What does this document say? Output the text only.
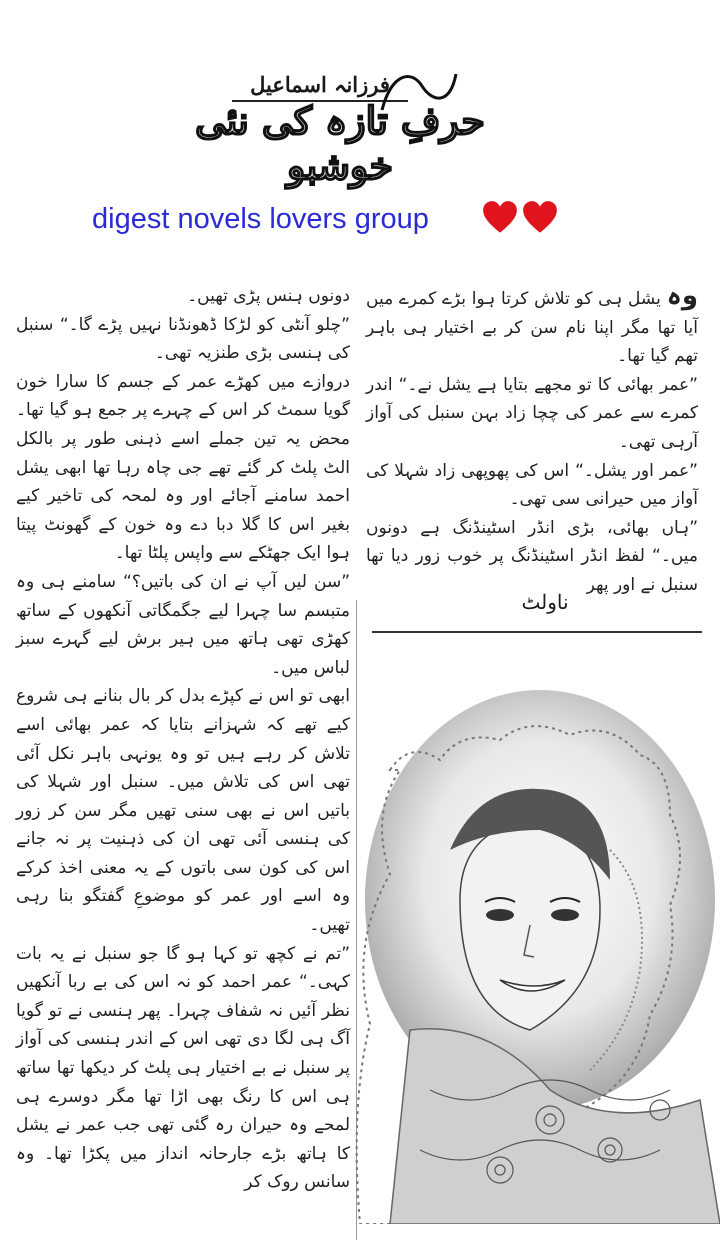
فرزانہ اسماعیل
حرفِ تازہ کی نئی خوشبو
digest novels lovers group

وہ یشل ہی کو تلاش کرتا ہوا بڑے کمرے میں آیا تھا مگر اپنا نام سن کر بے اختیار ہی باہر تھم گیا تھا۔

”عمر بھائی کا تو مجھے بتایا ہے یشل نے۔“ اندر کمرے سے عمر کی چچا زاد بہن سنبل کی آواز آرہی تھی۔

”عمر اور یشل۔“ اس کی پھوپھی زاد شہلا کی آواز میں حیرانی سی تھی۔

”ہاں بھائی، بڑی انڈر اسٹینڈنگ ہے دونوں میں۔“ لفظ انڈر اسٹینڈنگ پر خوب زور دیا تھا سنبل نے اور پھر

ناولٹ

دونوں ہنس پڑی تھیں۔

”چلو آنٹی کو لڑکا ڈھونڈنا نہیں پڑے گا۔“ سنبل کی ہنسی بڑی طنزیہ تھی۔

دروازے میں کھڑے عمر کے جسم کا سارا خون گویا سمٹ کر اس کے چہرے پر جمع ہو گیا تھا۔ محض یہ تین جملے اسے ذہنی طور پر بالکل الٹ پلٹ کر گئے تھے جی چاہ رہا تھا ابھی یشل احمد سامنے آجائے اور وہ لمحہ کی تاخیر کیے بغیر اس کا گلا دبا دے وہ خون کے گھونٹ پیتا ہوا ایک جھٹکے سے واپس پلٹا تھا۔

”سن لیں آپ نے ان کی باتیں؟“ سامنے ہی وہ متبسم سا چہرا لیے جگمگاتی آنکھوں کے ساتھ کھڑی تھی ہاتھ میں ہیر برش لیے گہرے سبز لباس میں۔

ابھی تو اس نے کپڑے بدل کر بال بنانے ہی شروع کیے تھے کہ شہزانے بتایا کہ عمر بھائی اسے تلاش کر رہے ہیں تو وہ یونہی باہر نکل آئی تھی اس کی تلاش میں۔ سنبل اور شہلا کی باتیں اس نے بھی سنی تھیں مگر سن کر زور کی ہنسی آئی تھی ان کی ذہنیت پر نہ جانے اس کی کون سی باتوں کے یہ معنی اخذ کرکے وہ اسے اور عمر کو موضوعِ گفتگو بنا رہی تھیں۔

”تم نے کچھ تو کہا ہو گا جو سنبل نے یہ بات کہی۔“ عمر احمد کو نہ اس کی بے ربا آنکھیں نظر آئیں نہ شفاف چہرا۔ پھر ہنسی نے تو گویا آگ ہی لگا دی تھی اس کے اندر ہنسی کی آواز پر سنبل نے بے اختیار ہی پلٹ کر دیکھا تھا ساتھ ہی اس کا رنگ بھی اڑا تھا مگر دوسرے ہی لمحے وہ حیران رہ گئی تھی جب عمر نے یشل کا ہاتھ بڑے جارحانہ انداز میں پکڑا تھا۔ وہ سانس روک کر
